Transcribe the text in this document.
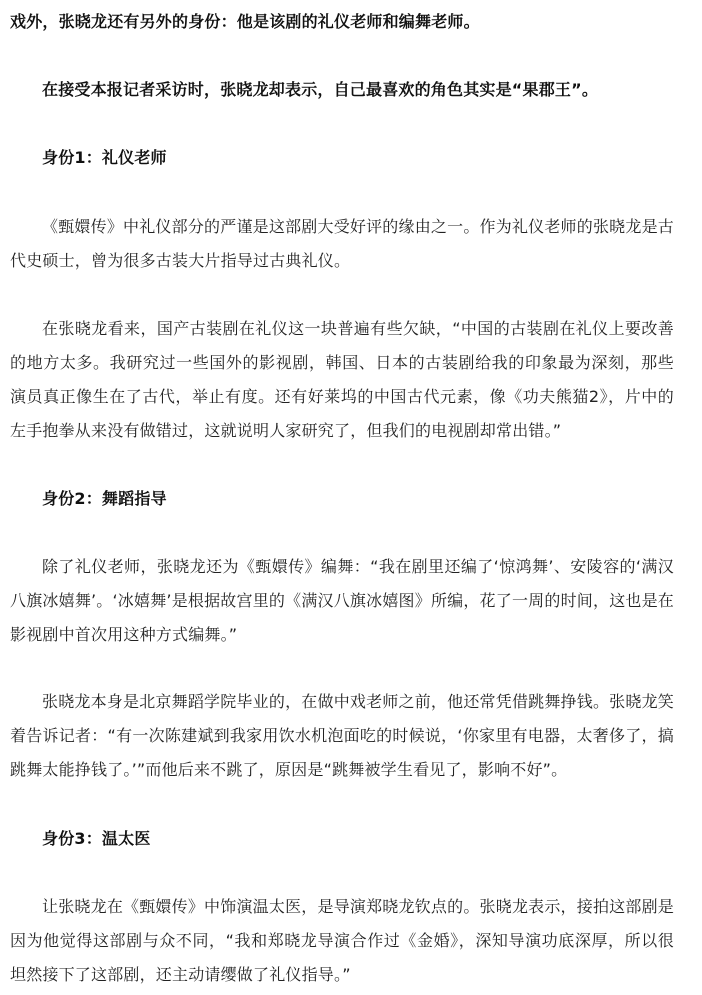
戏外，张晓龙还有另外的身份：他是该剧的礼仪老师和编舞老师。

在接受本报记者采访时，张晓龙却表示，自己最喜欢的角色其实是“果郡王”。

身份1：礼仪老师

《甄嬛传》中礼仪部分的严谨是这部剧大受好评的缘由之一。作为礼仪老师的张晓龙是古代史硕士，曾为很多古装大片指导过古典礼仪。

在张晓龙看来，国产古装剧在礼仪这一块普遍有些欠缺，“中国的古装剧在礼仪上要改善的地方太多。我研究过一些国外的影视剧，韩国、日本的古装剧给我的印象最为深刻，那些演员真正像生在了古代，举止有度。还有好莱坞的中国古代元素，像《功夫熊猫2》，片中的左手抱拳从来没有做错过，这就说明人家研究了，但我们的电视剧却常出错。”

身份2：舞蹈指导

除了礼仪老师，张晓龙还为《甄嬛传》编舞：“我在剧里还编了‘惊鸿舞’、安陵容的‘满汉八旗冰嬉舞’。‘冰嬉舞’是根据故宫里的《满汉八旗冰嬉图》所编，花了一周的时间，这也是在影视剧中首次用这种方式编舞。”

张晓龙本身是北京舞蹈学院毕业的，在做中戏老师之前，他还常凭借跳舞挣钱。张晓龙笑着告诉记者：“有一次陈建斌到我家用饮水机泡面吃的时候说，‘你家里有电器，太奢侈了，搞跳舞太能挣钱了。’”而他后来不跳了，原因是“跳舞被学生看见了，影响不好”。

身份3：温太医

让张晓龙在《甄嬛传》中饰演温太医，是导演郑晓龙钦点的。张晓龙表示，接拍这部剧是因为他觉得这部剧与众不同，“我和郑晓龙导演合作过《金婚》，深知导演功底深厚，所以很坦然接下了这部剧，还主动请缨做了礼仪指导。”
